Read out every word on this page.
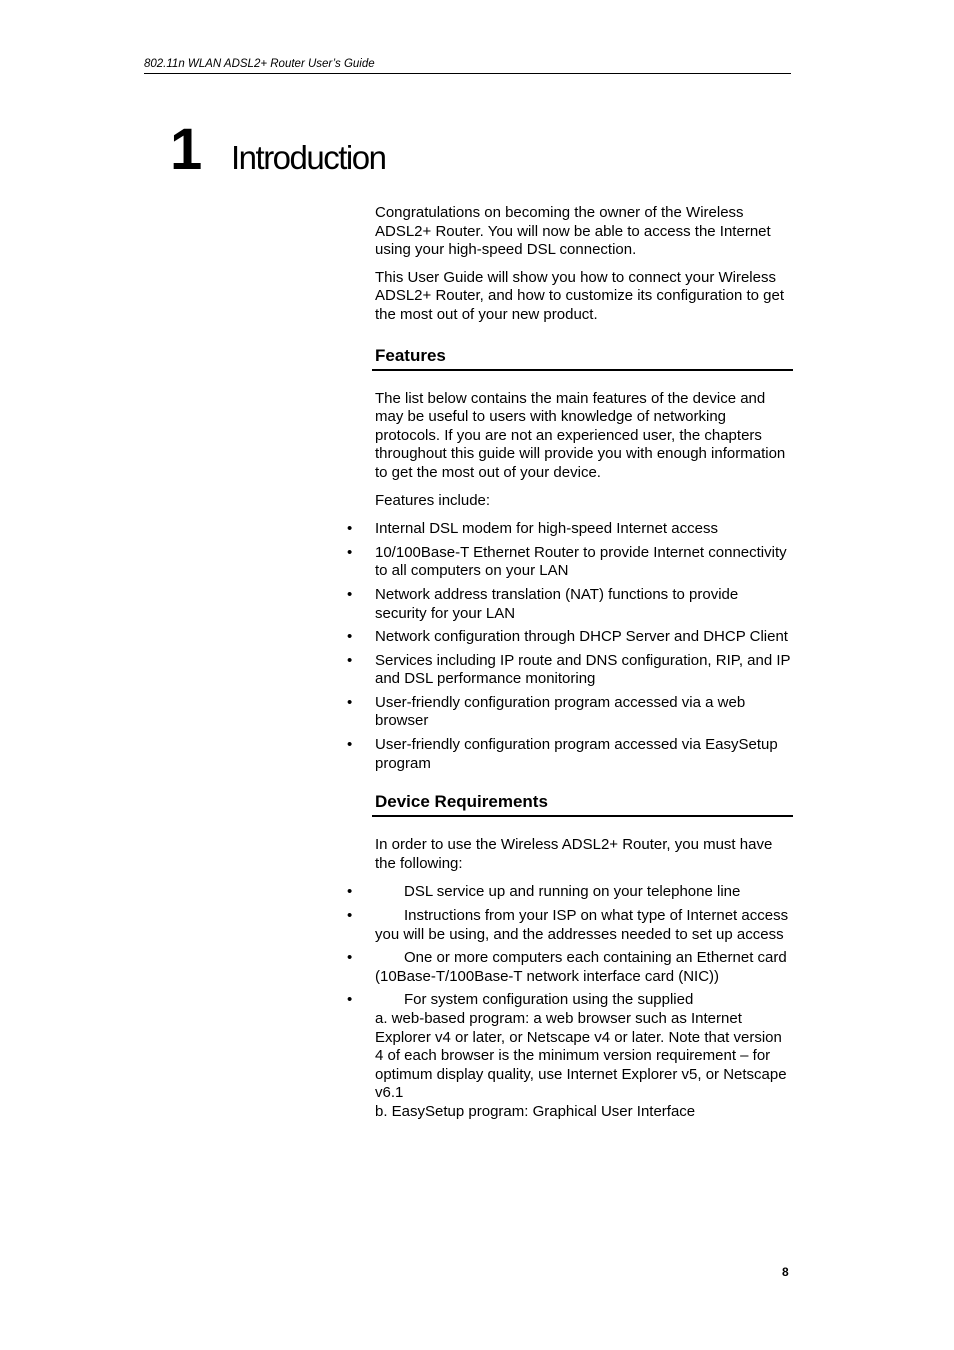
802.11n WLAN ADSL2+ Router User’s Guide
1 Introduction

Congratulations on becoming the owner of the Wireless ADSL2+ Router. You will now be able to access the Internet using your high-speed DSL connection.

This User Guide will show you how to connect your Wireless ADSL2+ Router, and how to customize its configuration to get the most out of your new product.

Features

The list below contains the main features of the device and may be useful to users with knowledge of networking protocols. If you are not an experienced user, the chapters throughout this guide will provide you with enough information to get the most out of your device.

Features include:

• Internal DSL modem for high-speed Internet access
• 10/100Base-T Ethernet Router to provide Internet connectivity to all computers on your LAN
• Network address translation (NAT) functions to provide security for your LAN
• Network configuration through DHCP Server and DHCP Client
• Services including IP route and DNS configuration, RIP, and IP and DSL performance monitoring
• User-friendly configuration program accessed via a web browser
• User-friendly configuration program accessed via EasySetup program
Device Requirements

In order to use the Wireless ADSL2+ Router, you must have the following:

•	DSL service up and running on your telephone line
•	Instructions from your ISP on what type of Internet access you will be using, and the addresses needed to set up access
•	One or more computers each containing an Ethernet card (10Base-T/100Base-T network interface card (NIC))
•	For system configuration using the supplied
a. web-based program: a web browser such as Internet Explorer v4 or later, or Netscape v4 or later. Note that version 4 of each browser is the minimum version requirement – for optimum display quality, use Internet Explorer v5, or Netscape v6.1
b. EasySetup program: Graphical User Interface
8
